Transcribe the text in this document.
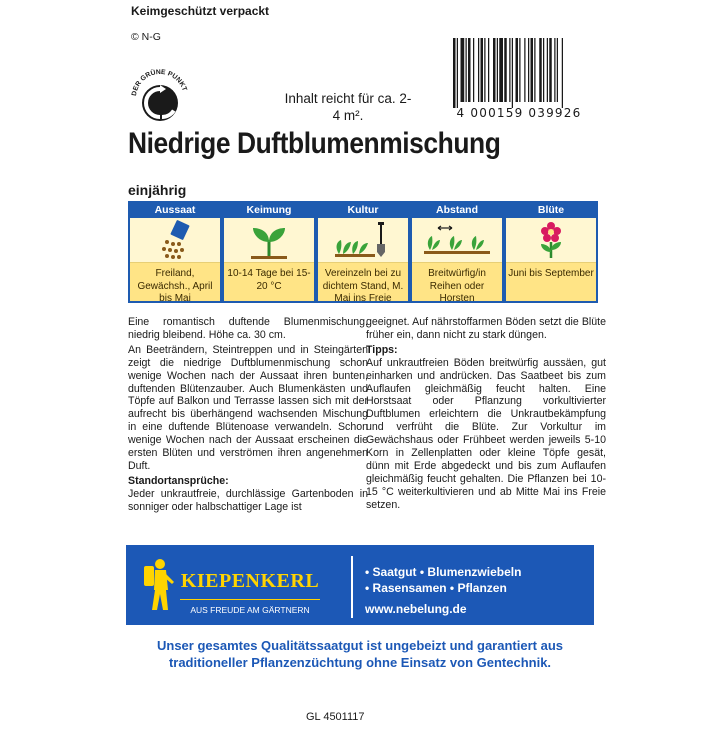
Keimgeschützt verpackt
© N-G
DER GRÜNE PUNKT
4 000159 039926
Inhalt reicht für ca. 2-4 m².
Niedrige Duftblumenmischung
einjährig
Aussaat
Freiland, Gewächsh., April bis Mai
Keimung
10-14 Tage bei 15-20 °C
Kultur
Vereinzeln bei zu dichtem Stand, M. Mai ins Freie
Abstand
Breitwürfig/in Reihen oder Horsten
Blüte
Juni bis September

Eine romantisch duftende Blumenmischung, niedrig bleibend. Höhe ca. 30 cm.

An Beeträndern, Steintreppen und in Steingärten zeigt die niedrige Duftblumenmischung schon wenige Wochen nach der Aussaat ihren bunten, duftenden Blütenzauber. Auch Blumenkästen und Töpfe auf Balkon und Terrasse lassen sich mit der aufrecht bis überhängend wachsenden Mischung in eine duftende Blütenoase verwandeln. Schon wenige Wochen nach der Aussaat erscheinen die ersten Blüten und verströmen ihren angenehmen Duft.

Standortansprüche:

Jeder unkrautfreie, durchlässige Gartenboden in sonniger oder halbschattiger Lage ist

geeignet. Auf nährstoffarmen Böden setzt die Blüte früher ein, dann nicht zu stark düngen.

Tipps:

Auf unkrautfreien Böden breitwürfig aussäen, gut einharken und andrücken. Das Saatbeet bis zum Auflaufen gleichmäßig feucht halten. Eine Horstsaat oder Pflanzung vorkultivierter Duftblumen erleichtern die Unkrautbekämpfung und verfrüht die Blüte. Zur Vorkultur im Gewächshaus oder Frühbeet werden jeweils 5-10 Korn in Zellenplatten oder kleine Töpfe gesät, dünn mit Erde abgedeckt und bis zum Auflaufen gleichmäßig feucht gehalten. Die Pflanzen bei 10-15 °C weiterkultivieren und ab Mitte Mai ins Freie setzen.

KIEPENKERL
AUS FREUDE AM GÄRTNERN
• Saatgut • Blumenzwiebeln
• Rasensamen • Pflanzen
www.nebelung.de
Unser gesamtes Qualitätssaatgut ist ungebeizt und garantiert aus traditioneller Pflanzenzüchtung ohne Einsatz von Gentechnik.
GL 4501117
